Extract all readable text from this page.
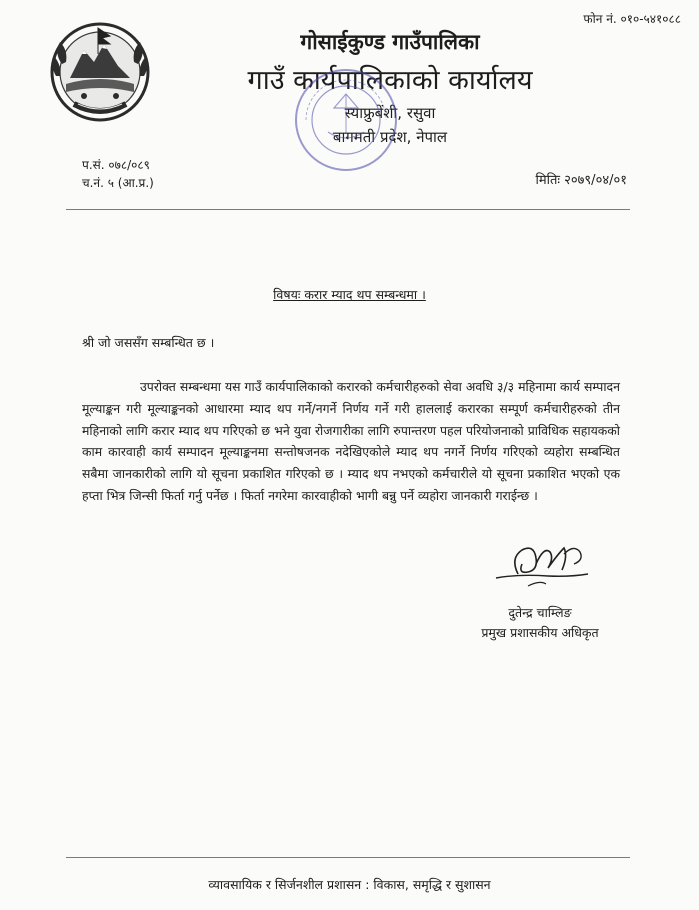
फोन नं. ०१०-५४१०८८
गोसाईकुण्ड गाउँपालिका
गाउँ कार्यपालिकाको कार्यालय
स्याफ्रुबेंशी, रसुवा
बागमती प्रदेश, नेपाल
प.सं. ०७८/०८९
च.नं. ५ (आ.प्र.)	मितिः २०७९/०४/०१
विषयः करार म्याद थप सम्बन्धमा ।
श्री जो जससँग सम्बन्धित छ ।

उपरोक्त सम्बन्धमा यस गाउँ कार्यपालिकाको करारको कर्मचारीहरुको सेवा अवधि ३/३ महिनामा कार्य सम्पादन मूल्याङ्कन गरी मूल्याङ्कनको आधारमा म्याद थप गर्ने/नगर्ने निर्णय गर्ने गरी हाललाई करारका सम्पूर्ण कर्मचारीहरुको तीन महिनाको लागि करार म्याद थप गरिएको छ भने युवा रोजगारीका लागि रुपान्तरण पहल परियोजनाको प्राविधिक सहायकको काम कारवाही कार्य सम्पादन मूल्याङ्कनमा सन्तोषजनक नदेखिएकोले म्याद थप नगर्ने निर्णय गरिएको व्यहोरा सम्बन्धित सबैमा जानकारीको लागि यो सूचना प्रकाशित गरिएको छ । म्याद थप नभएको कर्मचारीले यो सूचना प्रकाशित भएको एक हप्ता भित्र जिन्सी फिर्ता गर्नु पर्नेछ । फिर्ता नगरेमा कारवाहीको भागी बन्नु पर्ने व्यहोरा जानकारी गराईन्छ ।

दुतेन्द्र चाम्लिङ
प्रमुख प्रशासकीय अधिकृत
व्यावसायिक र सिर्जनशील प्रशासन : विकास, समृद्धि र सुशासन
